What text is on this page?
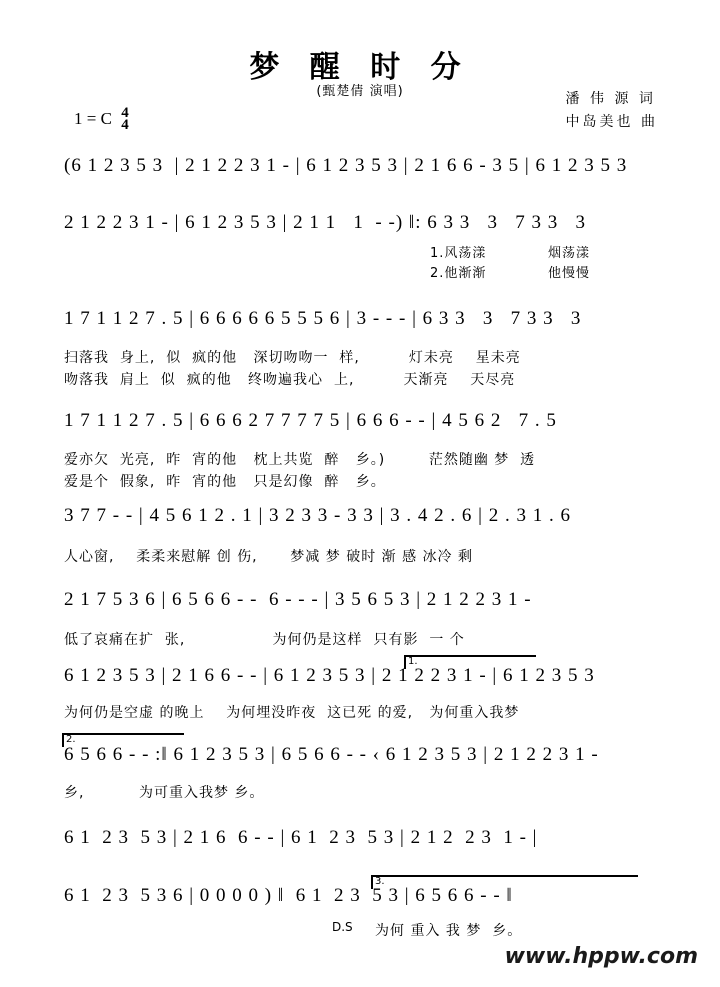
梦 醒 时 分
(甄楚倩 演唱)	潘 伟 源 词
中岛美也 曲
1 = C 4
4
(6 1 2 3 5 3  | 2 1 2 2 3 1 - | 6 1 2 3 5 3 | 2 1 6 6 - 3 5 | 6 1 2 3 5 3
2 1 2 2 3 1 - | 6 1 2 3 5 3 | 2 1 1   1  - -) ‖: 6 3 3   3   7 3 3   3
1.风荡漾            烟荡漾
2.他渐渐            他慢慢
1 7 1 1 2 7 . 5 | 6 6 6 6 6 5 5 5 6 | 3 - - - | 6 3 3   3   7 3 3   3
扫落我  身上,  似  疯的他   深切吻吻一  样,         灯未亮    星未亮
吻落我  肩上  似  疯的他   终吻遍我心  上,         天渐亮    天尽亮
1 7 1 1 2 7 . 5 | 6 6 6 2 7 7 7 7 5 | 6 6 6 - - | 4 5 6 2   7 . 5
爱亦欠  光亮,  昨  宵的他   枕上共览  醉   乡。)        茫然随幽 梦  透
爱是个  假象,  昨  宵的他   只是幻像  醉   乡。
3 7 7 - - | 4 5 6 1 2 . 1 | 3 2 3 3 - 3 3 | 3 . 4 2 . 6 | 2 . 3 1 . 6
人心窗,    柔柔来慰解 创 伤,      梦减 梦 破时 渐 感 冰冷 剩
2 1 7 5 3 6 | 6 5 6 6 - -  6 - - - | 3 5 6 5 3 | 2 1 2 2 3 1 -
低了哀痛在扩  张,                为何仍是这样  只有影  一 个
6 1 2 3 5 3 | 2 1 6 6 - - | 6 1 2 3 5 3 | 2 1 2 2 3 1 - | 6 1 2 3 5 3
为何仍是空虚 的晚上    为何埋没昨夜  这已死 的爱,   为何重入我梦
6 5 6 6 - - :‖ 6 1 2 3 5 3 | 6 5 6 6 - - ‹ 6 1 2 3 5 3 | 2 1 2 2 3 1 -
乡,          为可重入我梦 乡。
6 1  2 3  5 3 | 2 1 6  6 - - | 6 1  2 3  5 3 | 2 1 2  2 3  1 - |
6 1  2 3  5 3 6 | 0 0 0 0 ) ‖  6 1  2 3  5 3 | 6 5 6 6 - - ‖
为何 重入 我 梦  乡。
D.S
1.
2.
3.
www.hppw.com
